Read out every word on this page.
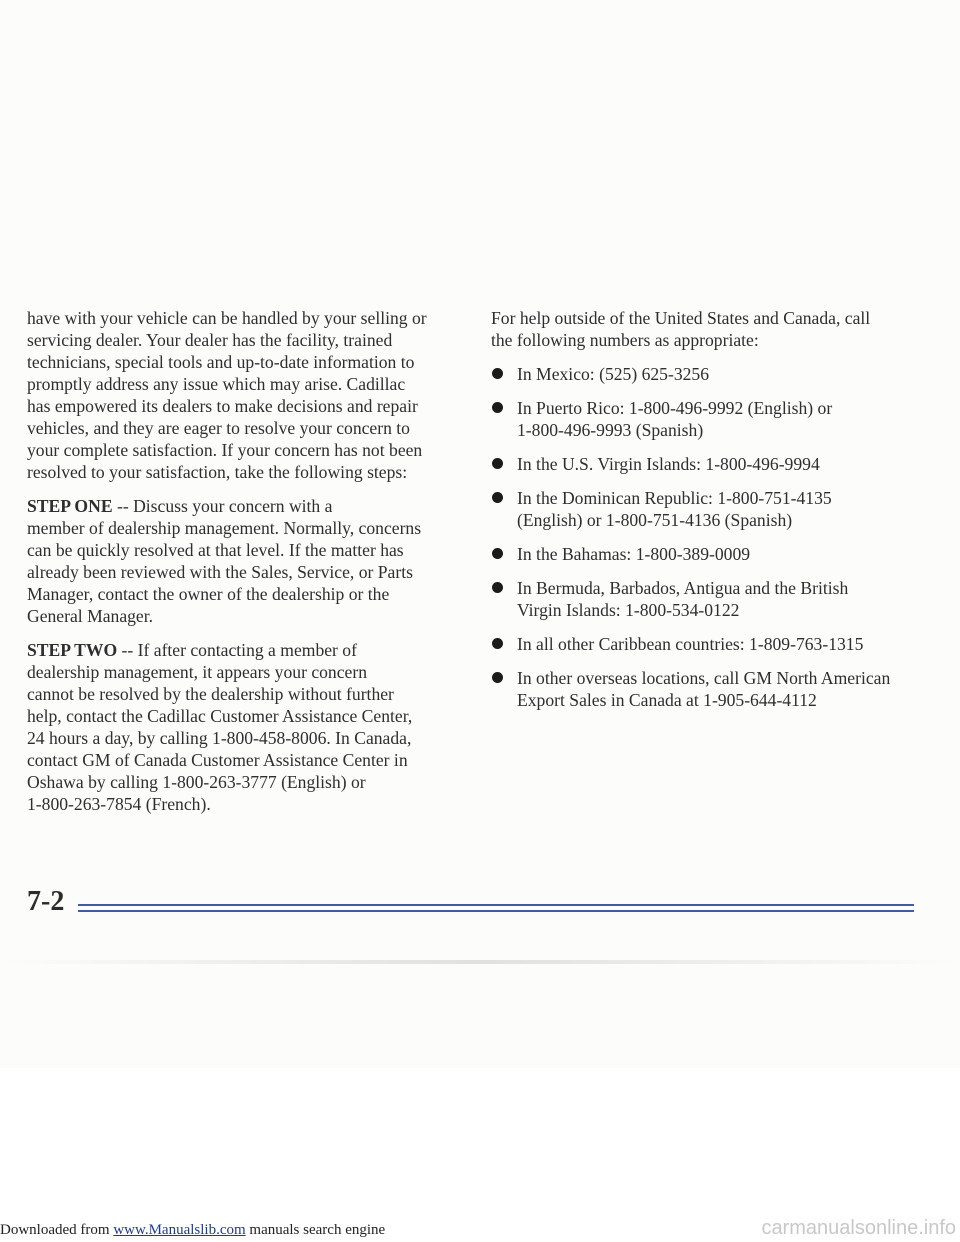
have with your vehicle can be handled by your selling or
servicing dealer. Your dealer has the facility, trained
technicians, special tools and up-to-date information to
promptly address any issue which may arise. Cadillac
has empowered its dealers to make decisions and repair
vehicles, and they are eager to resolve your concern to
your complete satisfaction. If your concern has not been
resolved to your satisfaction, take the following steps:

STEP ONE -- Discuss your concern with a
member of dealership management. Normally, concerns
can be quickly resolved at that level. If the matter has
already been reviewed with the Sales, Service, or Parts
Manager, contact the owner of the dealership or the
General Manager.

STEP TWO -- If after contacting a member of
dealership management, it appears your concern
cannot be resolved by the dealership without further
help, contact the Cadillac Customer Assistance Center,
24 hours a day, by calling 1-800-458-8006. In Canada,
contact GM of Canada Customer Assistance Center in
Oshawa by calling 1-800-263-3777 (English) or
1-800-263-7854 (French).

For help outside of the United States and Canada, call
the following numbers as appropriate:

In Mexico: (525) 625-3256
In Puerto Rico: 1-800-496-9992 (English) or
1-800-496-9993 (Spanish)
In the U.S. Virgin Islands: 1-800-496-9994
In the Dominican Republic: 1-800-751-4135
(English) or 1-800-751-4136 (Spanish)
In the Bahamas: 1-800-389-0009
In Bermuda, Barbados, Antigua and the British
Virgin Islands: 1-800-534-0122
In all other Caribbean countries: 1-809-763-1315
In other overseas locations, call GM North American
Export Sales in Canada at 1-905-644-4112
7-2
Downloaded from www.Manualslib.com manuals search engine	carmanualsonline.info
